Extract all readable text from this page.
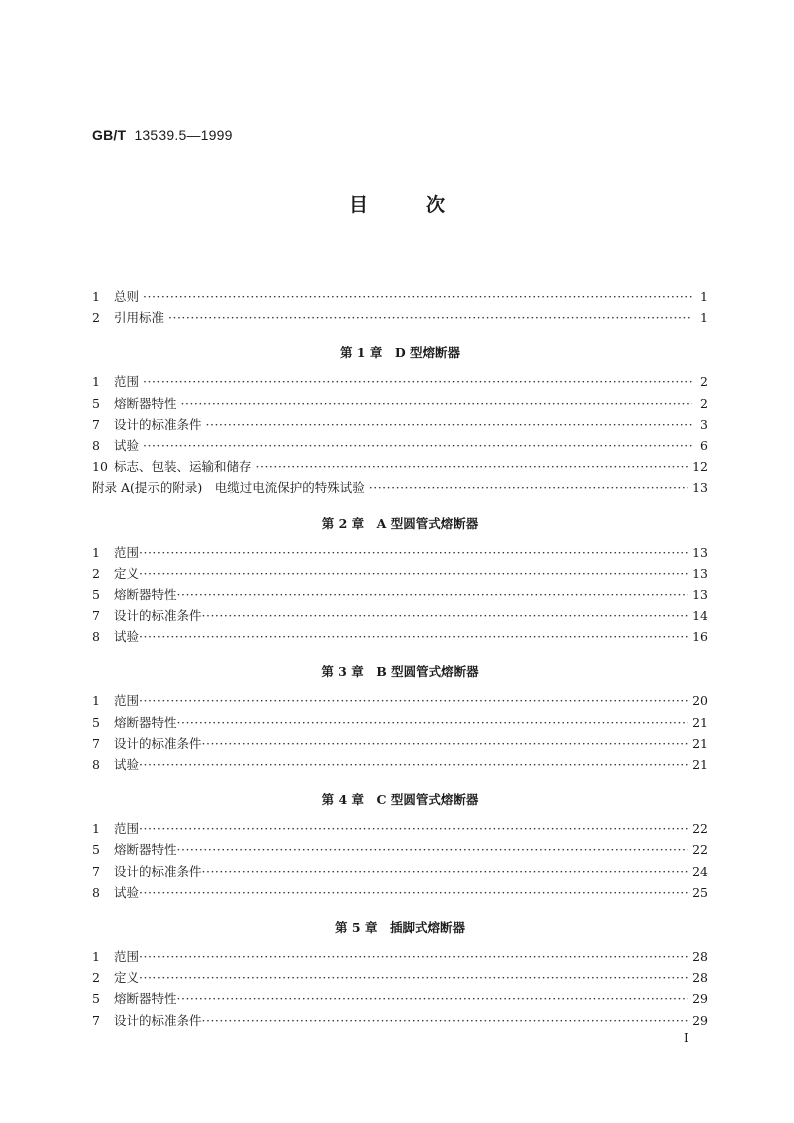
GB/T 13539.5—1999
目次
1	总则 ·····	1
2	引用标准 ·····	1
第 1 章　D 型熔断器
1	范围 ·····	2
5	熔断器特性 ·····	2
7	设计的标准条件 ·····	3
8	试验 ·····	6
10 标志、包装、运输和储存 ·····	12
附录 A(提示的附录)　电缆过电流保护的特殊试验 ·····	13
第 2 章　A 型圆管式熔断器
1	范围 ·····	13
2	定义 ·····	13
5	熔断器特性 ·····	13
7	设计的标准条件 ·····	14
8	试验 ·····	16
第 3 章　B 型圆管式熔断器
1	范围 ·····	20
5	熔断器特性 ·····	21
7	设计的标准条件 ·····	21
8	试验 ·····	21
第 4 章　C 型圆管式熔断器
1	范围 ·····	22
5	熔断器特性 ·····	22
7	设计的标准条件 ·····	24
8	试验 ·····	25
第 5 章　插脚式熔断器
1	范围 ·····	28
2	定义 ·····	28
5	熔断器特性 ·····	29
7	设计的标准条件 ·····	29
I
